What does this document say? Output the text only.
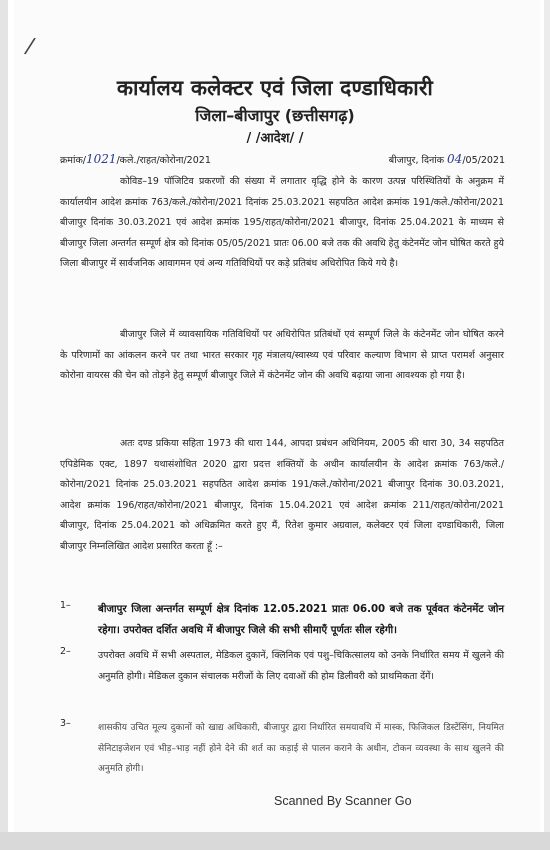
/
कार्यालय कलेक्टर एवं जिला दण्डाधिकारी
जिला–बीजापुर (छत्तीसगढ़)
/ /आदेश/ /
क्रमांक/1021/कले./राहत/कोरोना/2021	बीजापुर, दिनांक 04/05/2021
कोविड–19 पॉजिटिव प्रकरणों की संख्या में लगातार वृद्धि होने के कारण उत्पन्न परिस्थितियों के अनुक्रम में कार्यालयीन आदेश क्रमांक 763/कले./कोरोना/2021 दिनांक 25.03.2021 सहपठित आदेश क्रमांक 191/कले./कोरोना/2021 बीजापुर दिनांक 30.03.2021 एवं आदेश क्रमांक 195/राहत/कोरोना/2021 बीजापुर, दिनांक 25.04.2021 के माध्यम से बीजापुर जिला अन्तर्गत सम्पूर्ण क्षेत्र को दिनांक 05/05/2021 प्रातः 06.00 बजे तक की अवधि हेतु कंटेनमेंट जोन घोषित करते हुये जिला बीजापुर में सार्वजनिक आवागमन एवं अन्य गतिविधियों पर कड़े प्रतिबंध अधिरोपित किये गये है।
बीजापुर जिले में व्यावसायिक गतिविधियों पर अधिरोपित प्रतिबंधों एवं सम्पूर्ण जिले के कंटेनमेंट जोन घोषित करने के परिणामों का आंकलन करने पर तथा भारत सरकार गृह मंत्रालय/स्वास्थ्य एवं परिवार कल्याण विभाग से प्राप्त परामर्श अनुसार कोरोना वायरस की चेन को तोड़ने हेतु सम्पूर्ण बीजापुर जिले में कंटेनमेंट जोन की अवधि बढ़ाया जाना आवश्यक हो गया है।
अतः दण्ड प्रकिया सहिता 1973 की धारा 144, आपदा प्रबंधन अधिनियम, 2005 की धारा 30, 34 सहपठित एपिडेमिक एक्ट, 1897 यथासंशोधित 2020 द्वारा प्रदत्त शक्तियों के अधीन कार्यालयीन के आदेश क्रमांक 763/कले./कोरोना/2021 दिनांक 25.03.2021 सहपठित आदेश क्रमांक 191/कले./कोरोना/2021 बीजापुर दिनांक 30.03.2021, आदेश क्रमांक 196/राहत/कोरोना/2021 बीजापुर, दिनांक 15.04.2021 एवं आदेश क्रमांक 211/राहत/कोरोना/2021 बीजापुर, दिनांक 25.04.2021 को अधिक्रमित करते हुए मैं, रितेश कुमार अग्रवाल, कलेक्टर एवं जिला दण्डाधिकारी, जिला बीजापुर निम्नलिखित आदेश प्रसारित करता हूँ :–
1–	बीजापुर जिला अन्तर्गत सम्पूर्ण क्षेत्र दिनांक 12.05.2021 प्रातः 06.00 बजे तक पूर्ववत कंटेनमेंट जोन रहेगा। उपरोक्त दर्शित अवधि में बीजापुर जिले की सभी सीमाएँ पूर्णतः सील रहेगी।
2–	उपरोक्त अवधि में सभी अस्पताल, मेडिकल दुकानें, क्लिनिक एवं पशु–चिकित्सालय को उनके निर्धारित समय में खुलने की अनुमति होगी। मेडिकल दुकान संचालक मरीजों के लिए दवाओं की होम डिलीवरी को प्राथमिकता देंगें।
3–	शासकीय उचित मूल्य दुकानों को खाद्य अधिकारी, बीजापुर द्वारा निर्धारित समयावधि में मास्क, फिजिकल डिस्टेंसिंग, नियमित सेनिटाइजेशन एवं भीड़–भाड़ नहीं होने देने की शर्त का कड़ाई से पालन कराने के अधीन, टोकन व्यवस्था के साथ खुलने की अनुमति होगी।
Scanned By Scanner Go
